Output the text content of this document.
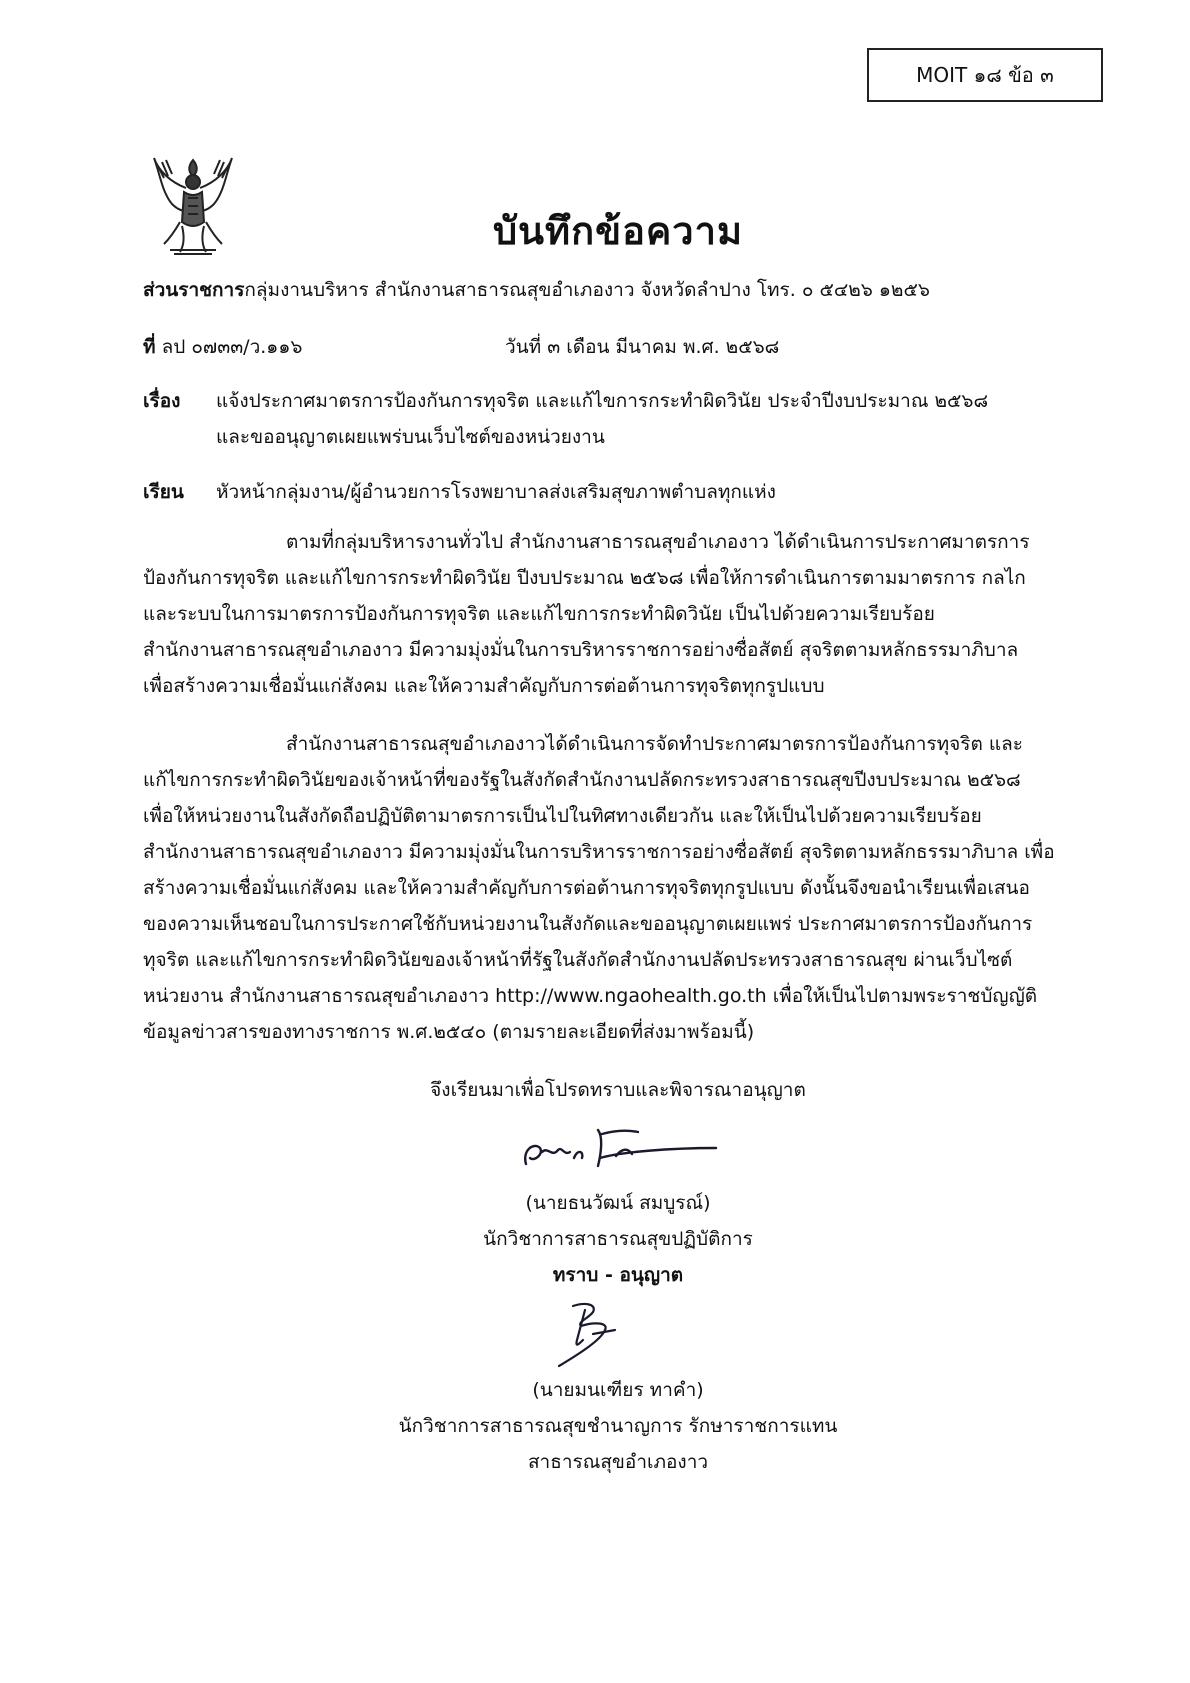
MOIT ๑๘ ข้อ ๓
บันทึกข้อความ
ส่วนราชการกลุ่มงานบริหาร สำนักงานสาธารณสุขอำเภองาว จังหวัดลำปาง โทร. ๐ ๕๔๒๖ ๑๒๕๖
ที่ ลป ๐๗๓๓/ว.๑๑๖	วันที่ ๓ เดือน มีนาคม พ.ศ. ๒๕๖๘
เรื่อง แจ้งประกาศมาตรการป้องกันการทุจริต และแก้ไขการกระทำผิดวินัย ประจำปีงบประมาณ ๒๕๖๘
และขออนุญาตเผยแพร่บนเว็บไซต์ของหน่วยงาน
เรียน หัวหน้ากลุ่มงาน/ผู้อำนวยการโรงพยาบาลส่งเสริมสุขภาพตำบลทุกแห่ง

ตามที่กลุ่มบริหารงานทั่วไป สำนักงานสาธารณสุขอำเภองาว ได้ดำเนินการประกาศมาตรการ

ป้องกันการทุจริต และแก้ไขการกระทำผิดวินัย ปีงบประมาณ ๒๕๖๘ เพื่อให้การดำเนินการตามมาตรการ กลไก

และระบบในการมาตรการป้องกันการทุจริต และแก้ไขการกระทำผิดวินัย เป็นไปด้วยความเรียบร้อย

สำนักงานสาธารณสุขอำเภองาว มีความมุ่งมั่นในการบริหารราชการอย่างซื่อสัตย์ สุจริตตามหลักธรรมาภิบาล

เพื่อสร้างความเชื่อมั่นแก่สังคม และให้ความสำคัญกับการต่อต้านการทุจริตทุกรูปแบบ

สำนักงานสาธารณสุขอำเภองาวได้ดำเนินการจัดทำประกาศมาตรการป้องกันการทุจริต และ

แก้ไขการกระทำผิดวินัยของเจ้าหน้าที่ของรัฐในสังกัดสำนักงานปลัดกระทรวงสาธารณสุขปีงบประมาณ ๒๕๖๘

เพื่อให้หน่วยงานในสังกัดถือปฏิบัติตามาตรการเป็นไปในทิศทางเดียวกัน และให้เป็นไปด้วยความเรียบร้อย

สำนักงานสาธารณสุขอำเภองาว มีความมุ่งมั่นในการบริหารราชการอย่างซื่อสัตย์ สุจริตตามหลักธรรมาภิบาล เพื่อ

สร้างความเชื่อมั่นแก่สังคม และให้ความสำคัญกับการต่อต้านการทุจริตทุกรูปแบบ ดังนั้นจึงขอนำเรียนเพื่อเสนอ

ของความเห็นชอบในการประกาศใช้กับหน่วยงานในสังกัดและขออนุญาตเผยแพร่ ประกาศมาตรการป้องกันการ

ทุจริต และแก้ไขการกระทำผิดวินัยของเจ้าหน้าที่รัฐในสังกัดสำนักงานปลัดประทรวงสาธารณสุข ผ่านเว็บไซต์

หน่วยงาน สำนักงานสาธารณสุขอำเภองาว http://www.ngaohealth.go.th เพื่อให้เป็นไปตามพระราชบัญญัติ

ข้อมูลข่าวสารของทางราชการ พ.ศ.๒๕๔๐ (ตามรายละเอียดที่ส่งมาพร้อมนี้)

จึงเรียนมาเพื่อโปรดทราบและพิจารณาอนุญาต
(นายธนวัฒน์ สมบูรณ์)
นักวิชาการสาธารณสุขปฏิบัติการ
ทราบ - อนุญาต
(นายมนเฑียร ทาคำ)
นักวิชาการสาธารณสุขชำนาญการ รักษาราชการแทน
สาธารณสุขอำเภองาว
